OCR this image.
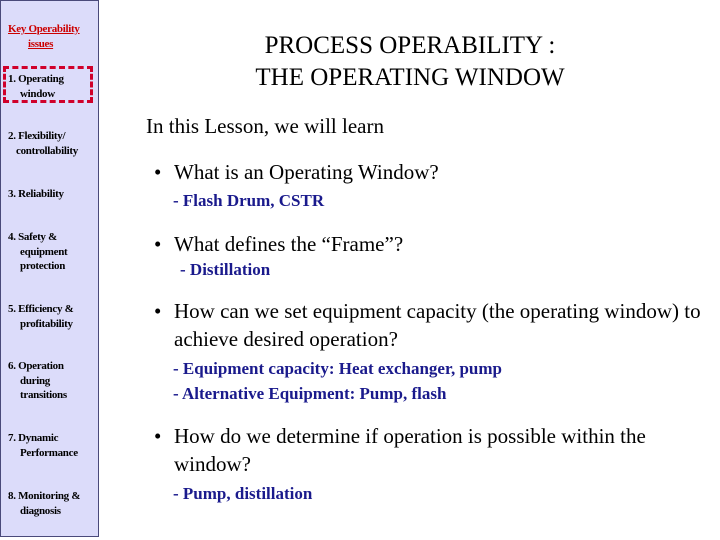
Key Operability
issues
1. Operating
window
2. Flexibility/
controllability
3. Reliability
4. Safety &
equipment
protection
5. Efficiency &
profitability
6. Operation
during
transitions
7. Dynamic
Performance
8. Monitoring &
diagnosis
PROCESS OPERABILITY :
THE OPERATING WINDOW
In this Lesson, we will learn
• What is an Operating Window?
- Flash Drum, CSTR
• What defines the “Frame”?
- Distillation
• How can we set equipment capacity (the operating window) to achieve desired operation?
- Equipment capacity: Heat exchanger, pump
- Alternative Equipment: Pump, flash
• How do we determine if operation is possible within the window?
- Pump, distillation
